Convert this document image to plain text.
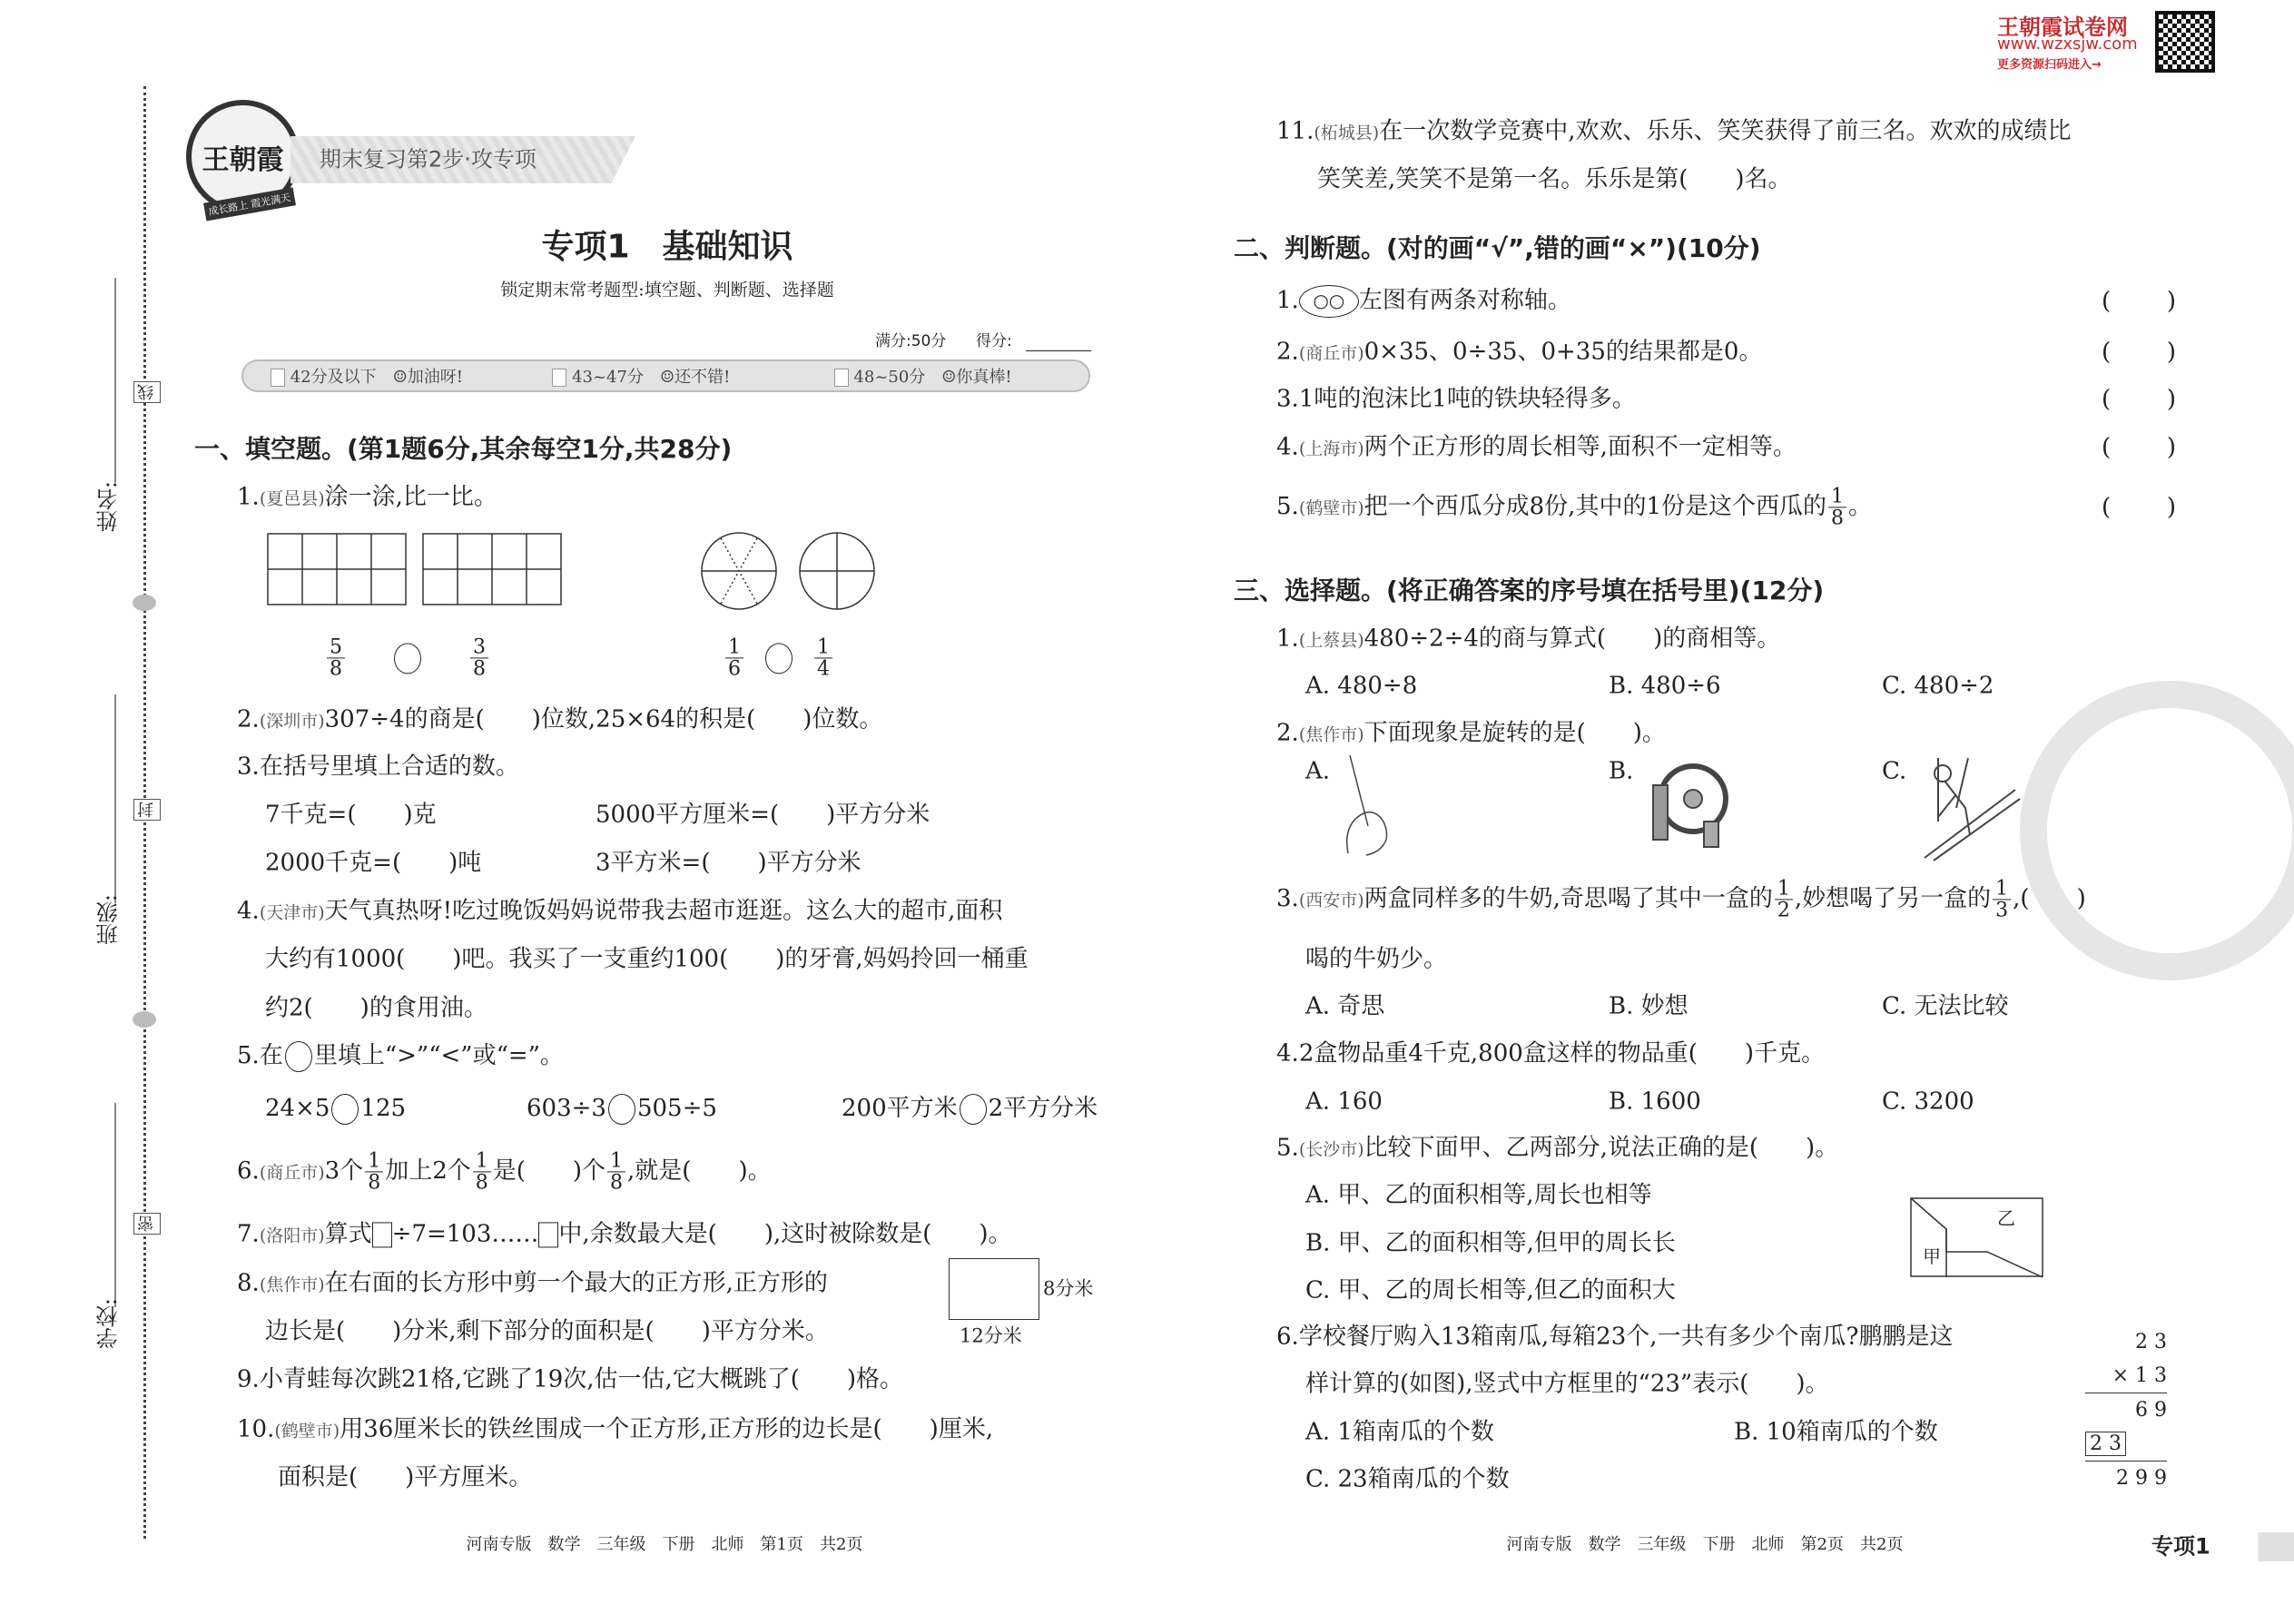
姓名:
班级:
学校:
线
封
密
王朝霞
成长路上 霞光满天
期末复习第2步·攻专项
王朝霞试卷网
www.wzxsjw.com
更多资源扫码进入→
专项1　基础知识
锁定期末常考题型:填空题、判断题、选择题
满分:50分 得分:
42分及以下　 ☺加油呀!	43~47分　 ☺还不错!	48~50分　 ☺你真棒!
一、填空题。(第1题6分,其余每空1分,共28分)
1.(夏邑县)涂一涂,比一比。
$\frac{5}{8}$	$\frac{3}{8}$	$\frac{1}{6}$	$\frac{1}{4}$
2.(深圳市)307÷4的商是(　　)位数,25×64的积是(　　)位数。
3.在括号里填上合适的数。
7千克=(　　)克	5000平方厘米=(　　)平方分米
2000千克=(　　)吨	3平方米=(　　)平方分米
4.(天津市)天气真热呀!吃过晚饭妈妈说带我去超市逛逛。这么大的超市,面积
大约有1000(　　)吧。我买了一支重约100(　　)的牙膏,妈妈拎回一桶重
约2(　　)的食用油。
5.在 里填上“>”“<”或“=”。
24×5 125	603÷3 505÷5	200平方米 2平方分米
6.(商丘市)3个 $\frac{1}{8}$ 加上2个 $\frac{1}{8}$ 是(　　)个 $\frac{1}{8}$ ,就是(　　)。
7.(洛阳市)算式 ÷7=103…… 中,余数最大是(　　),这时被除数是(　　)。
8.(焦作市)在右面的长方形中剪一个最大的正方形,正方形的
边长是(　　)分米,剩下部分的面积是(　　)平方分米。
8分米
12分米
9.小青蛙每次跳21格,它跳了19次,估一估,它大概跳了(　　)格。
10.(鹤壁市)用36厘米长的铁丝围成一个正方形,正方形的边长是(　　)厘米,
面积是(　　)平方厘米。
河南专版　数学　三年级　下册　北师　第1页　共2页
11.(柘城县)在一次数学竞赛中,欢欢、乐乐、笑笑获得了前三名。欢欢的成绩比
笑笑差,笑笑不是第一名。乐乐是第(　　)名。
二、判断题。(对的画“√”,错的画“×”)(10分)
1. ○○ 左图有两条对称轴。
2.(商丘市)0×35、0÷35、0+35的结果都是0。
3.1吨的泡沫比1吨的铁块轻得多。
4.(上海市)两个正方形的周长相等,面积不一定相等。
5.(鹤壁市)把一个西瓜分成8份,其中的1份是这个西瓜的 $\frac{1}{8}$ 。
( )
( )
( )
( )
( )
三、选择题。(将正确答案的序号填在括号里)(12分)
1.(上蔡县)480÷2÷4的商与算式(　　)的商相等。
A. 480÷8	B. 480÷6	C. 480÷2
2.(焦作市)下面现象是旋转的是(　　)。
A.	B.	C.
3.(西安市)两盒同样多的牛奶,奇思喝了其中一盒的 $\frac{1}{2}$ ,妙想喝了另一盒的 $\frac{1}{3}$ ,(　　)
喝的牛奶少。
A. 奇思	B. 妙想	C. 无法比较
4.2盒物品重4千克,800盒这样的物品重(　　)千克。
A. 160	B. 1600	C. 3200
5.(长沙市)比较下面甲、乙两部分,说法正确的是(　　)。
A. 甲、乙的面积相等,周长也相等
B. 甲、乙的面积相等,但甲的周长长
C. 甲、乙的周长相等,但乙的面积大
乙
甲
6.学校餐厅购入13箱南瓜,每箱23个,一共有多少个南瓜?鹏鹏是这
样计算的(如图),竖式中方框里的“23”表示(　　)。
A. 1箱南瓜的个数	B. 10箱南瓜的个数
C. 23箱南瓜的个数
2 3
× 1 3
6 9
2 3
2 9 9
河南专版　数学　三年级　下册　北师　第2页　共2页	专项1
